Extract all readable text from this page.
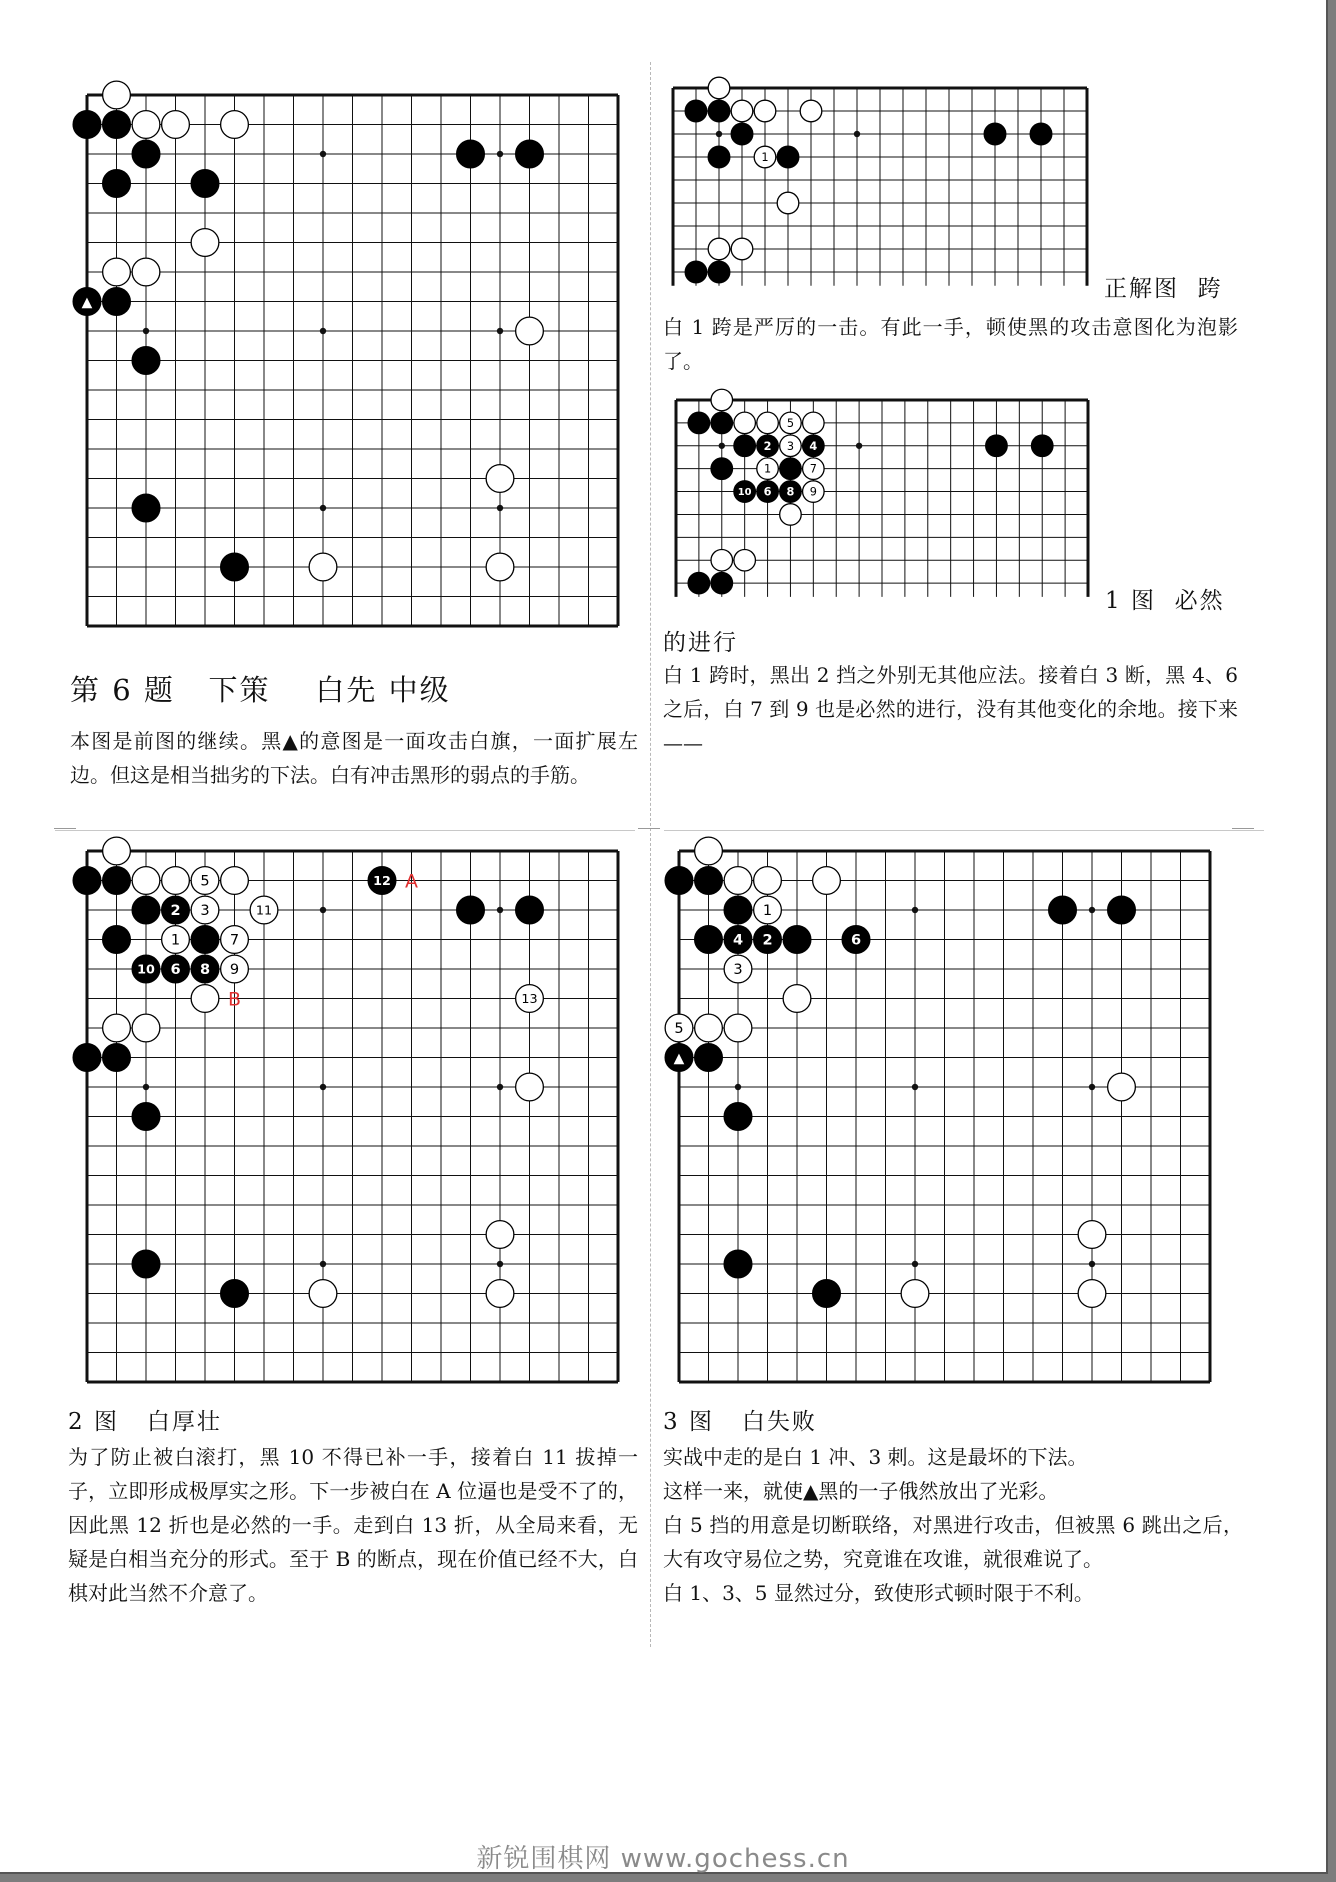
▲
第 6 题   下策    白先 中级
本图是前图的继续。黑▲的意图是一面攻击白旗，一面扩展左边。但这是相当拙劣的下法。白有冲击黑形的弱点的手筋。
1
正解图  跨
白 1 跨是严厉的一击。有此一手，顿使黑的攻击意图化为泡影了。
5
2 3 4
1	7
10 6 8 9
1 图  必然
的进行
白 1 跨时，黑出 2 挡之外别无其他应法。接着白 3 断，黑 4、6 之后，白 7 到 9 也是必然的进行，没有其他变化的余地。接下来——
5	12
2 3	11
1	7
10 6 8 9
13
A
B
2 图   白厚壮
为了防止被白滚打，黑 10 不得已补一手，接着白 11 拔掉一子，立即形成极厚实之形。下一步被白在 A 位逼也是受不了的，因此黑 12 折也是必然的一手。走到白 13 折，从全局来看，无疑是白相当充分的形式。至于 B 的断点，现在价值已经不大，白棋对此当然不介意了。
1
4 2	6
3
5
▲
3 图   白失败
实战中走的是白 1 冲、3 刺。这是最坏的下法。
这样一来，就使▲黑的一子俄然放出了光彩。
白 5 挡的用意是切断联络，对黑进行攻击，但被黑 6 跳出之后，大有攻守易位之势，究竟谁在攻谁，就很难说了。
白 1、3、5 显然过分，致使形式顿时限于不利。
新锐围棋网 www.gochess.cn
